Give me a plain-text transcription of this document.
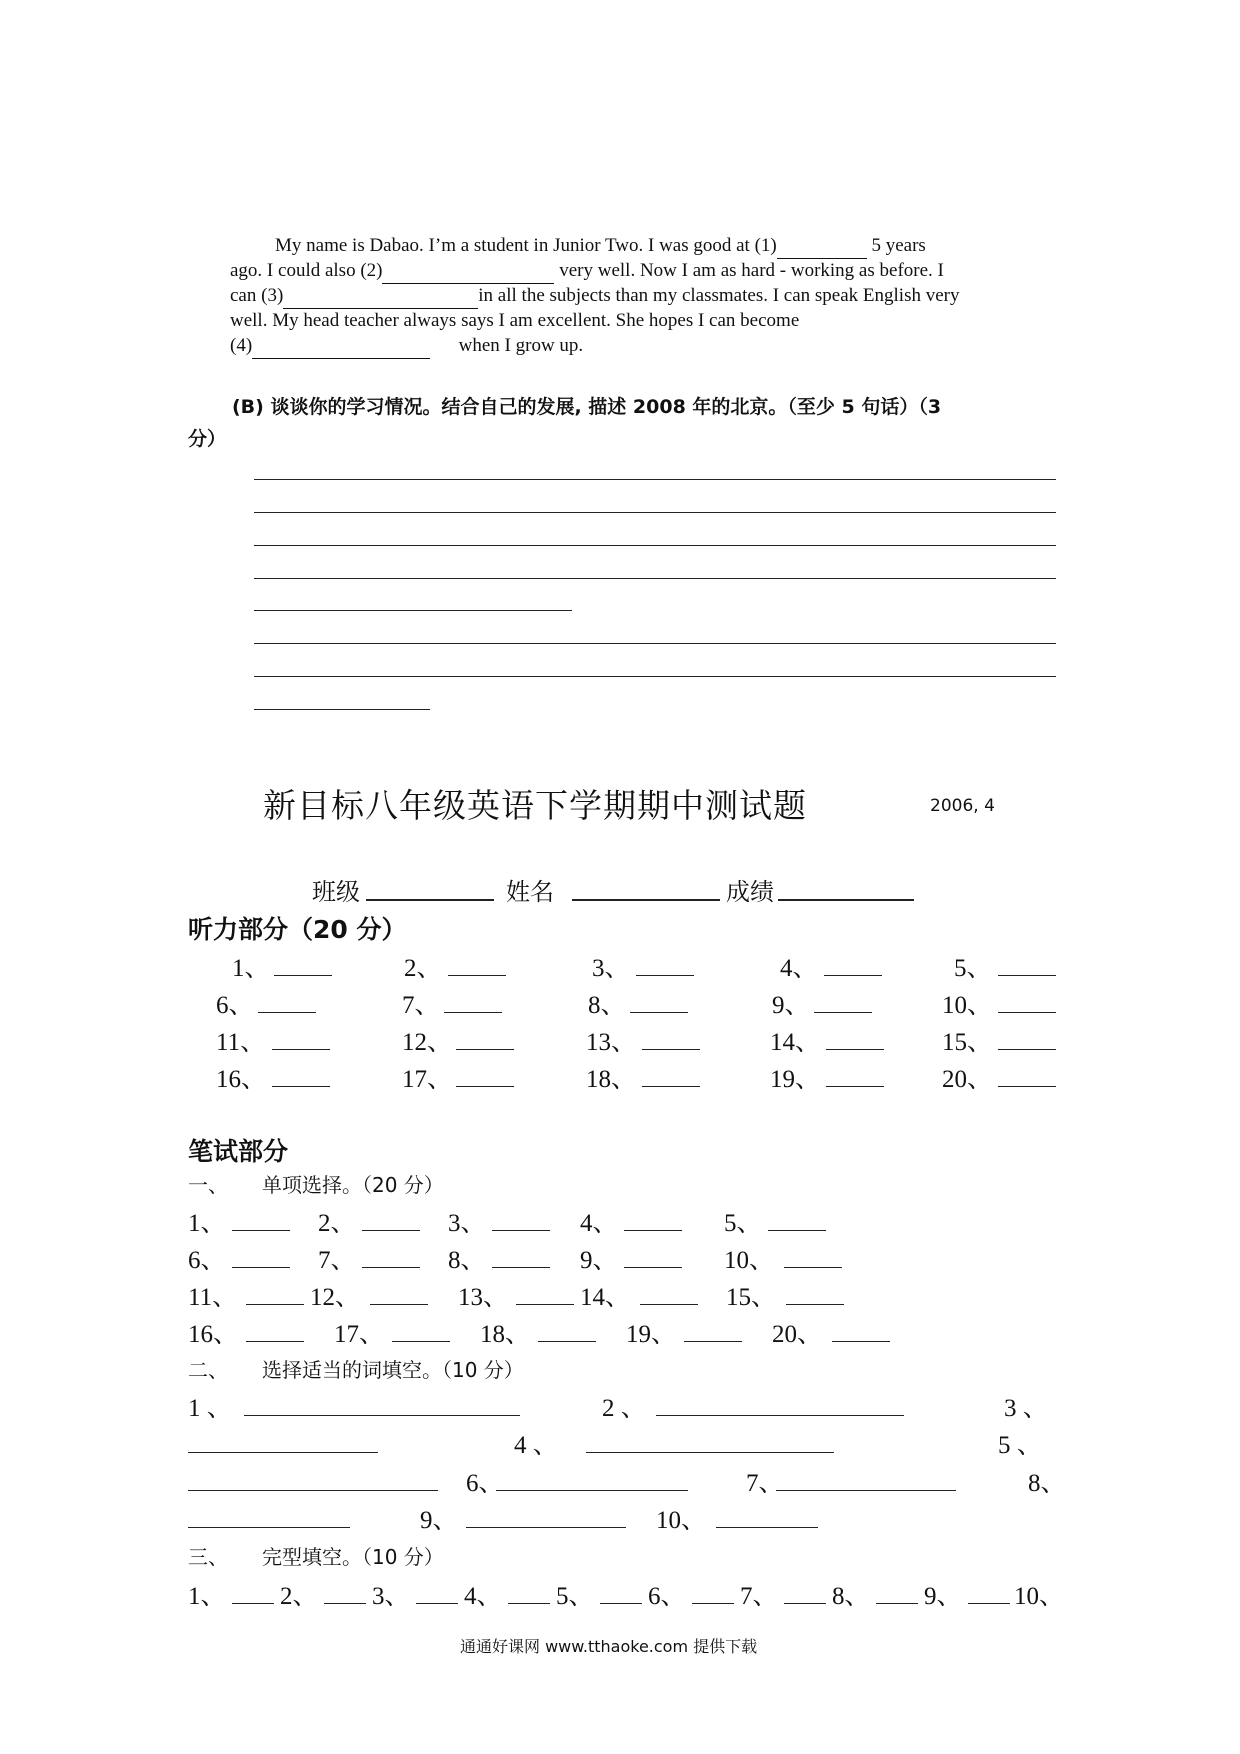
My name is Dabao. I’m a student in Junior Two. I was good at (1)	5 years
ago. I could also (2)	very well. Now I am as hard - working as before. I
can (3)	in all the subjects than my classmates. I can speak English very
well. My head teacher always says I am excellent. She hopes I can become
(4)	when I grow up.
(B) 谈谈你的学习情况。结合自己的发展, 描述 2008 年的北京。（至少 5 句话）（3
分）
新目标八年级英语下学期期中测试题	2006, 4
班级	姓名	成绩
听力部分（20 分）
1、	2、	3、	4、	5、
6、	7、	8、	9、	10、
11、	12、	13、	14、	15、
16、	17、	18、	19、	20、
笔试部分
一、 单项选择。（20 分）
1、	2、	3、	4、	5、
6、	7、	8、	9、	10、
11、	12、	13、	14、	15、
16、	17、	18、	19、	20、
二、 选择适当的词填空。（10 分）
1 、	2 、	3 、
4 、	5 、
6、	7、	8、
9、	10、
三、 完型填空。（10 分）
1、 2、 3、 4、 5、 6、 7、 8、 9、 10、
通通好课网 www.tthaoke.com 提供下载
